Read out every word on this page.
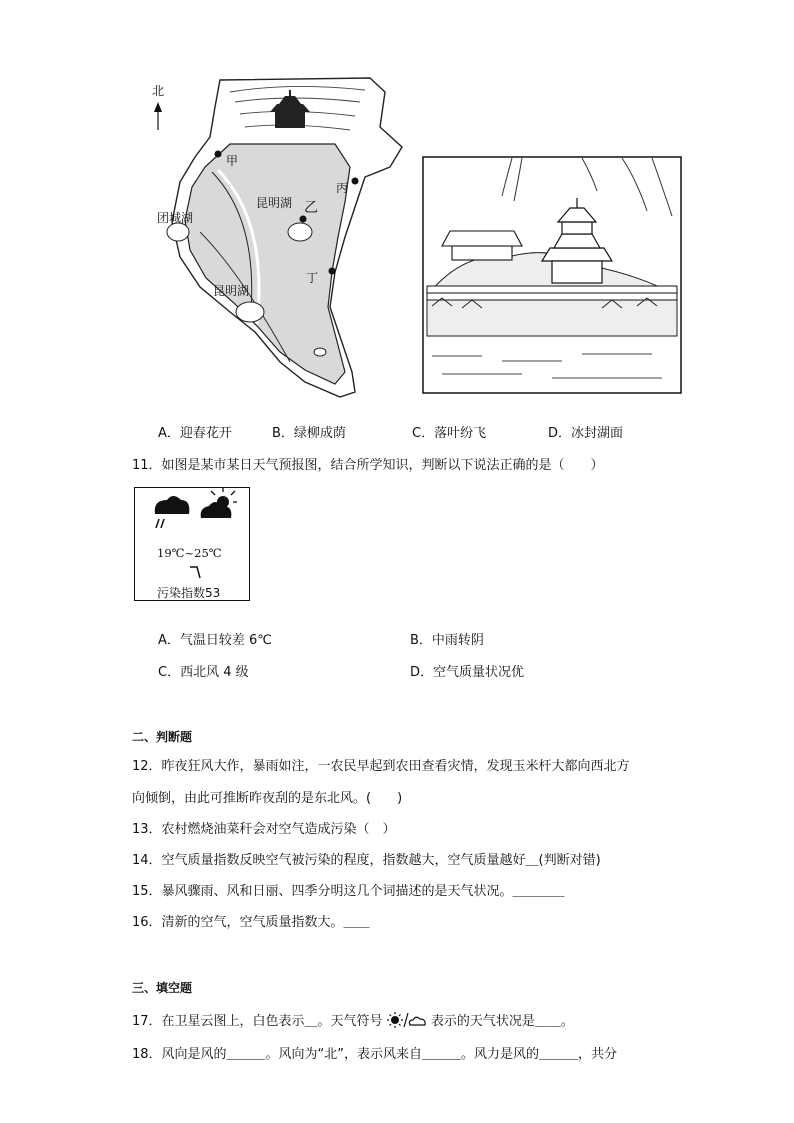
北
甲
乙
丙
丁
昆明湖
团城湖
昆明湖
A．迎春花开	B．绿柳成荫	C．落叶纷飞	D．冰封湖面
11．如图是某市某日天气预报图，结合所学知识，判断以下说法正确的是（　　）
19℃~25℃
污染指数53
A．气温日较差 6℃	B．中雨转阴
C．西北风 4 级	D．空气质量状况优
二、判断题
12．昨夜狂风大作，暴雨如注，一农民早起到农田查看灾情，发现玉米杆大都向西北方
向倾倒，由此可推断昨夜刮的是东北风。(　　)
13．农村燃烧油菜秆会对空气造成污染（　）
14．空气质量指数反映空气被污染的程度，指数越大，空气质量越好＿(判断对错)
15．暴风骤雨、风和日丽、四季分明这几个词描述的是天气状况。＿＿＿＿
16．清新的空气，空气质量指数大。＿＿
三、填空题
17．在卫星云图上，白色表示＿。天气符号	表示的天气状况是＿＿。
18．风向是风的＿＿＿。风向为“北”，表示风来自＿＿＿。风力是风的＿＿＿，共分
